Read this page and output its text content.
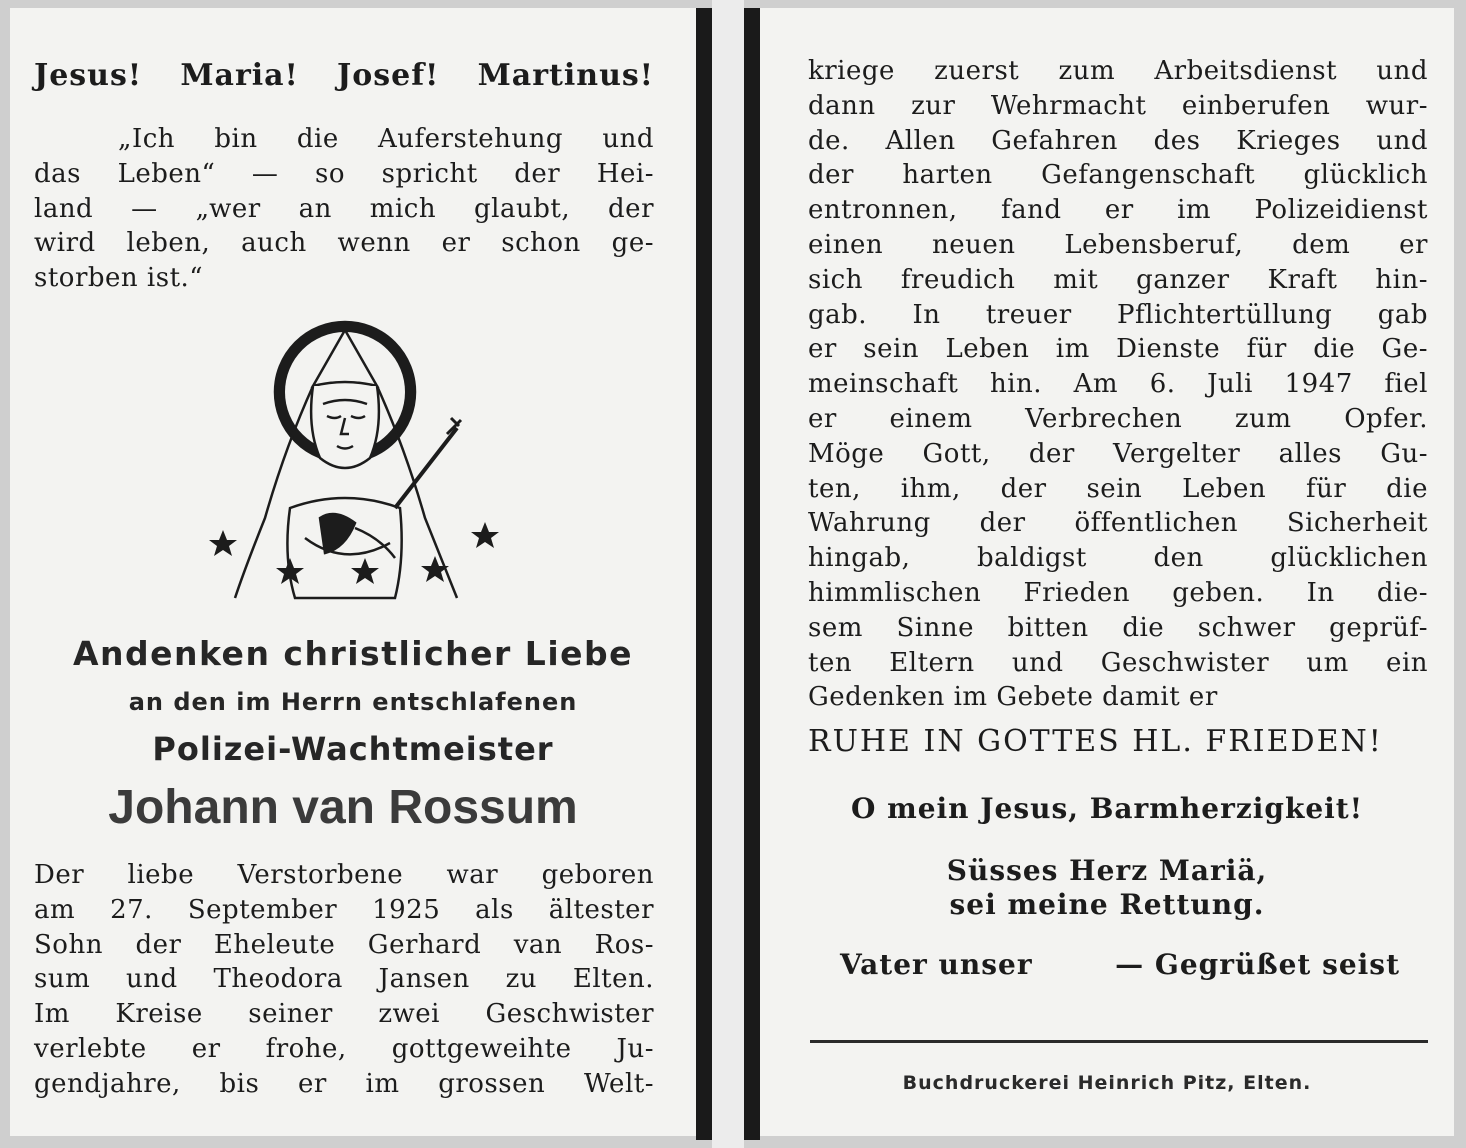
Jesus! Maria! Josef! Martinus!
„Ich bin die Auferstehung und
das Leben“ — so spricht der Hei-
land — „wer an mich glaubt, der
wird leben, auch wenn er schon ge-
storben ist.“
Andenken christlicher Liebe
an den im Herrn entschlafenen
Polizei-Wachtmeister
Johann van Rossum
Der liebe Verstorbene war geboren
am 27. September 1925 als ältester
Sohn der Eheleute Gerhard van Ros-
sum und Theodora Jansen zu Elten.
Im Kreise seiner zwei Geschwister
verlebte er frohe, gottgeweihte Ju-
gendjahre, bis er im grossen Welt-
kriege zuerst zum Arbeitsdienst und
dann zur Wehrmacht einberufen wur-
de. Allen Gefahren des Krieges und
der harten Gefangenschaft glücklich
entronnen, fand er im Polizeidienst
einen neuen Lebensberuf, dem er
sich freudich mit ganzer Kraft hin-
gab. In treuer Pflichtertüllung gab
er sein Leben im Dienste für die Ge-
meinschaft hin. Am 6. Juli 1947 fiel
er einem Verbrechen zum Opfer.
Möge Gott, der Vergelter alles Gu-
ten, ihm, der sein Leben für die
Wahrung der öffentlichen Sicherheit
hingab, baldigst den glücklichen
himmlischen Frieden geben. In die-
sem Sinne bitten die schwer geprüf-
ten Eltern und Geschwister um ein
Gedenken im Gebete damit er
RUHE IN GOTTES HL. FRIEDEN!
O mein Jesus, Barmherzigkeit!
Süsses Herz Mariä,
sei meine Rettung.
Vater unser	— Gegrüßet seist
Buchdruckerei Heinrich Pitz, Elten.
